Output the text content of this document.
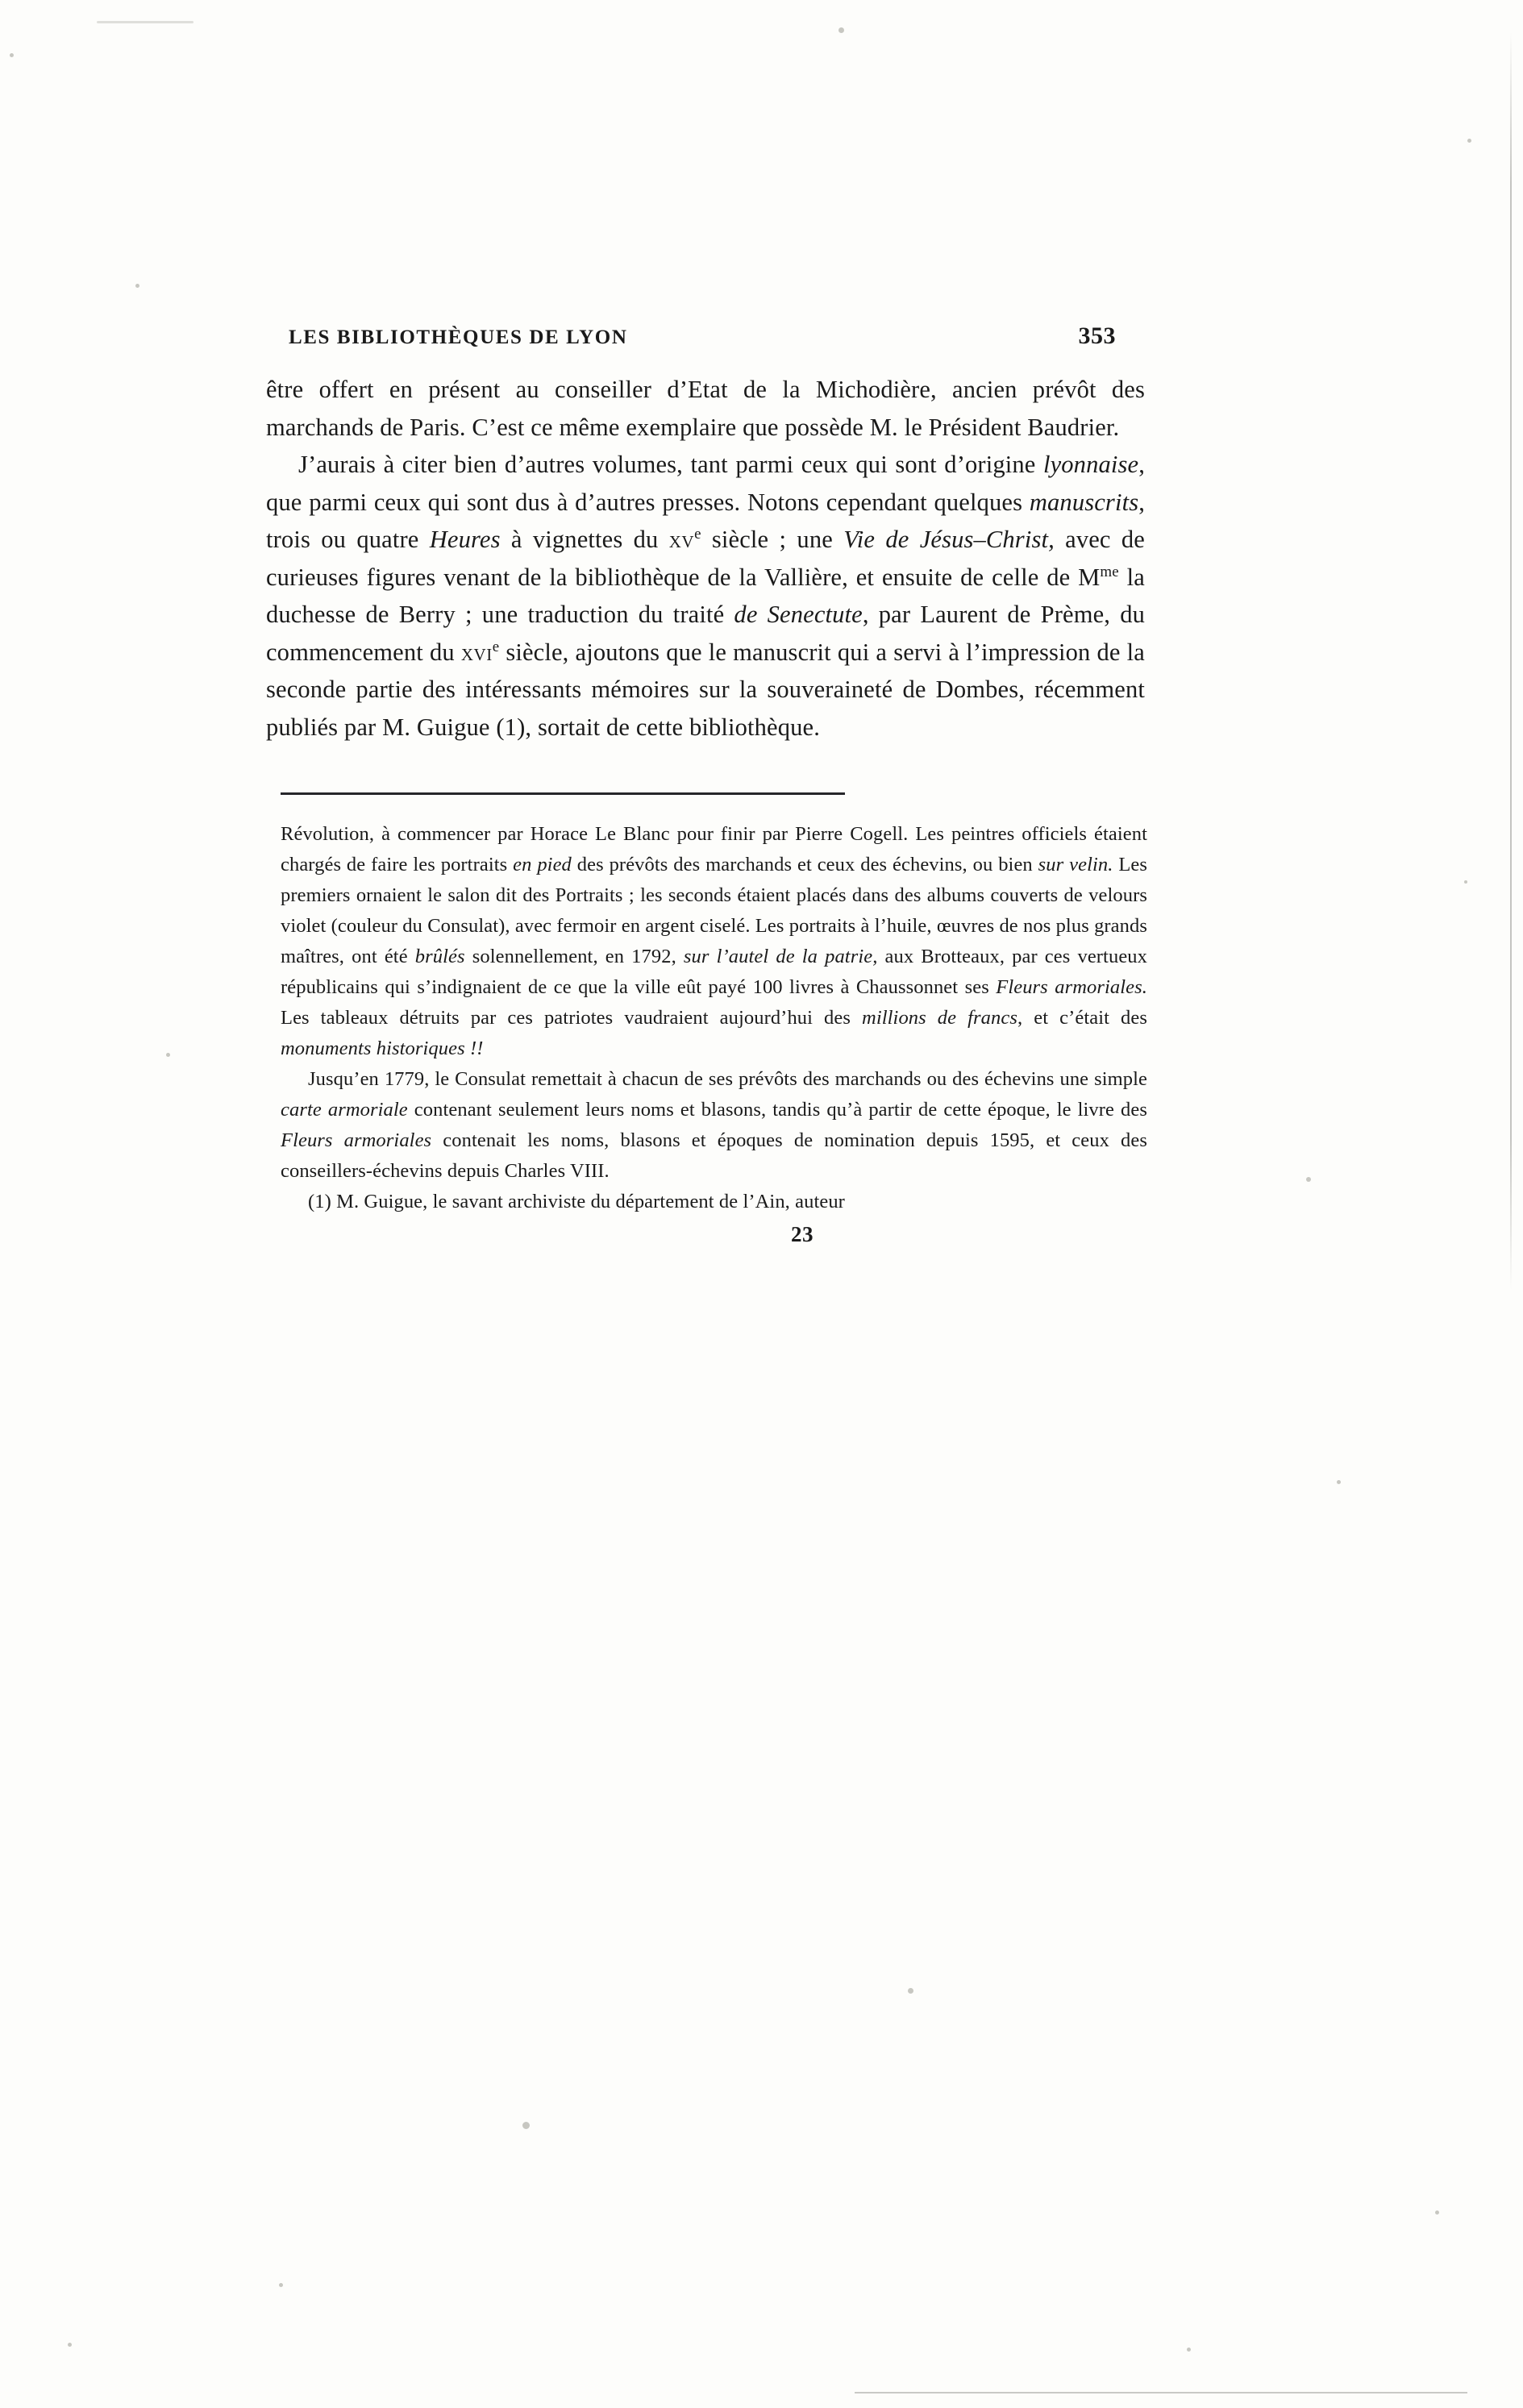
LES BIBLIOTHÈQUES DE LYON	353

être offert en présent au conseiller d’Etat de la Michodière, ancien prévôt des marchands de Paris. C’est ce même exemplaire que possède M. le Président Baudrier.

J’aurais à citer bien d’autres volumes, tant parmi ceux qui sont d’origine lyonnaise, que parmi ceux qui sont dus à d’autres presses. Notons cependant quelques manuscrits, trois ou quatre Heures à vignettes du $xv^e$ siècle ; une Vie de Jésus–Christ, avec de curieuses figures venant de la bibliothèque de la Vallière, et ensuite de celle de $M^{me}$ la duchesse de Berry ; une traduction du traité de Senectute, par Laurent de Prème, du commencement du xvi$^e$ siècle, ajoutons que le manuscrit qui a servi à l’impression de la seconde partie des intéressants mémoires sur la souveraineté de Dombes, récemment publiés par M. Guigue (1), sortait de cette bibliothèque.

Révolution, à commencer par Horace Le Blanc pour finir par Pierre Cogell. Les peintres officiels étaient chargés de faire les portraits en pied des prévôts des marchands et ceux des échevins, ou bien sur velin. Les premiers ornaient le salon dit des Portraits ; les seconds étaient placés dans des albums couverts de velours violet (couleur du Consulat), avec fermoir en argent ciselé. Les portraits à l’huile, œuvres de nos plus grands maîtres, ont été brûlés solennellement, en 1792, sur l’autel de la patrie, aux Brotteaux, par ces vertueux républicains qui s’indignaient de ce que la ville eût payé 100 livres à Chaussonnet ses Fleurs armoriales. Les tableaux détruits par ces patriotes vaudraient aujourd’hui des millions de francs, et c’était des monuments historiques !!

Jusqu’en 1779, le Consulat remettait à chacun de ses prévôts des marchands ou des échevins une simple carte armoriale contenant seulement leurs noms et blasons, tandis qu’à partir de cette époque, le livre des Fleurs armoriales contenait les noms, blasons et époques de nomination depuis 1595, et ceux des conseillers-échevins depuis Charles VIII.

(1) M. Guigue, le savant archiviste du département de l’Ain, auteur

23
